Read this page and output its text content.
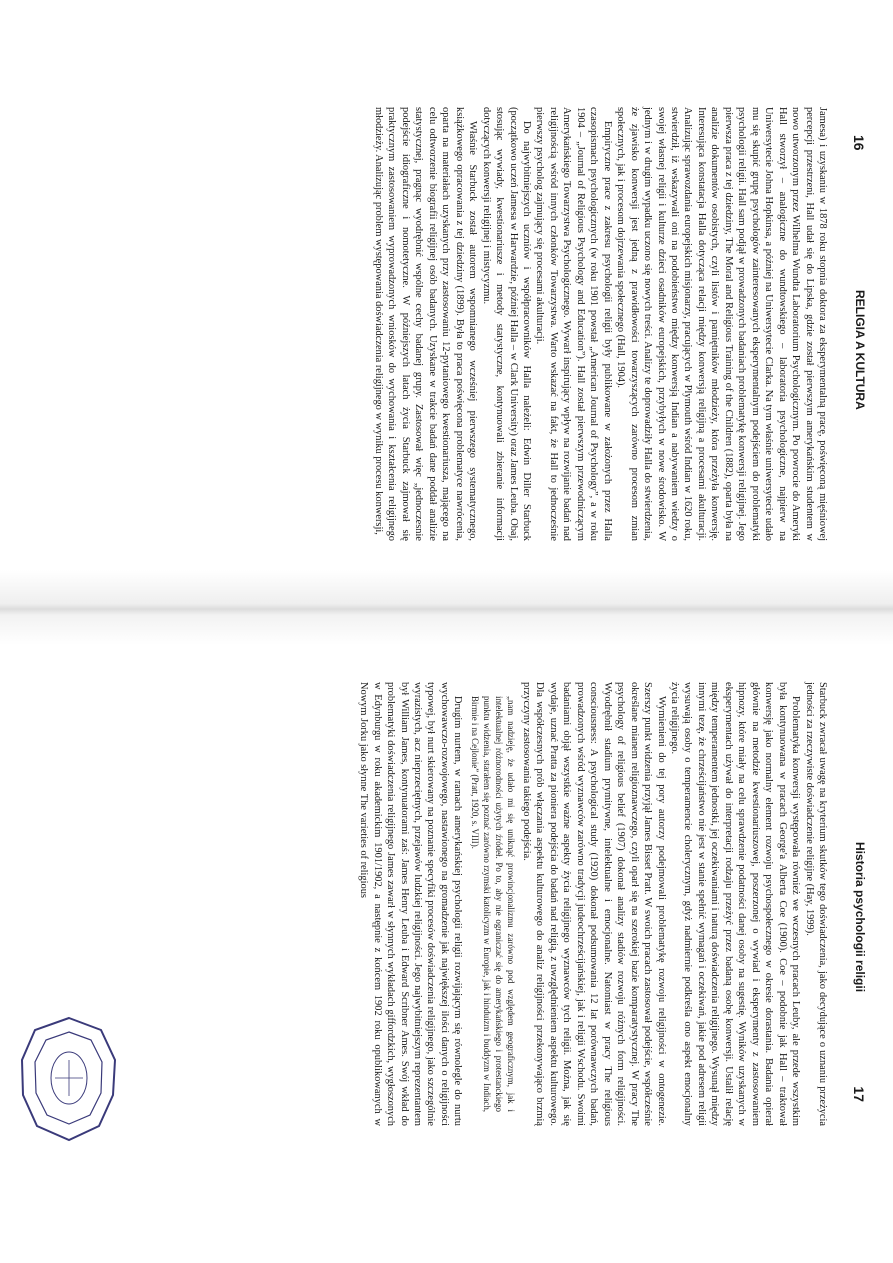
16
RELIGIA A KULTURA

Jamesa) i uzyskaniu w 1878 roku stopnia doktora za eksperymentalną pracę, poświęconą mięśniowej percepcji przestrzeni, Hall udał się do Lipska, gdzie został pierwszym amerykańskim studentem w nowo utworzonym przez Wilhelma Wundta Laboratorium Psychologicznym. Po powrocie do Ameryki Hall stworzył – analogiczne do wundtowskiego – laboratoria psychologiczne, najpierw na Uniwersytecie Johna Hopkinsa, a później na Uniwersytecie Clarka. Na tym właśnie uniwersytecie udało mu się skupić grupę psychologów zainteresowanych eksperymentalnym podejściem do problematyki psychologii religii. Hall sam podjął w prowadzonych badaniach problematykę konwersji religijnej. Jego pierwsza praca z tej dziedziny, The Moral and Religious Training of the Children (1882), oparta była na analizie dokumentów osobistych, czyli listów i pamiętników młodzieży, która przeżyła konwersję. Interesująca konstatacja Halla dotycząca relacji między konwersją religijną a procesami akulturacji. Analizując sprawozdania europejskich misjonarzy, pracujących w Plymouth wśród Indian w 1620 roku, stwierdził, iż wskazywali oni na podobieństwo między konwersją Indian a nabywaniem wiedzy o swojej własnej religii i kulturze dzieci osadników europejskich, przybyłych w nowe środowisko. W jednym i w drugim wypadku uczono się nowych treści. Analizy te doprowadziły Halla do stwierdzenia, że zjawisko konwersji jest jedną z prawidłowości towarzyszących zarówno procesom zmian społecznych, jak i procesom dojrzewania społecznego (Hall, 1904).

Empiryczne prace z zakresu psychologii religii były publikowane w założonych przez Halla czasopismach psychologicznych (w roku 1901 powstał „American Journal of Psychology”, a w roku 1904 – „Journal of Religious Psychology and Education”). Hall został pierwszym przewodniczącym Amerykańskiego Towarzystwa Psychologicznego. Wywarł inspirujący wpływ na rozwijanie badań nad religijnością wśród innych członków Towarzystwa. Warto wskazać na fakt, że Hall to jednocześnie pierwszy psycholog zajmujący się procesami akulturacji.

Do najwybitniejszych uczniów i współpracowników Halla należeli: Edwin Diller Starbuck (początkowo uczeń Jamesa w Harwardzie, później Halla – w Clark University) oraz James Leuba. Obaj, stosując wywiady, kwestionariusze i metody statystyczne, kontynuowali zbieranie informacji dotyczących konwersji religijnej i mistycyzmu.

Właśnie Starbuck został autorem wspomnianego wcześniej pierwszego systematycznego, książkowego opracowania z tej dziedziny (1899). Była to praca poświęcona problematyce nawrócenia, oparta na materiałach uzyskanych przy zastosowaniu 12-pytaniowego kwestionariusza, mającego na celu odtworzenie biografii religijnej osób badanych. Uzyskane w trakcie badań dane poddał analizie statystycznej, pragnąc wyodrębnić wspólne cechy badanej grupy. Zastosował więc „jednoczesnie podejście idiograficzne i nomotetyczne. W późniejszych latach życia Starbuck zajmował się praktycznym zastosowaniem wyprowadzonych wniosków do wychowania i kształcenia religijnego młodzieży. Analizując problem występowania doświadczenia religijnego w wyniku procesu konwersji,

Historia psychologii religii
17

Starbuck zwracał uwagę na kryterium skutków tego doświadczenia, jako decydujące o uznaniu przeżycia jedności za rzeczywiste doświadczenie religijne (Hay, 1999).

Problematyka konwersji występowała również we wczesnych pracach Leuby, ale przede wszystkim była kontynuowana w pracach George'a Alberta Coe (1900). Coe – podobnie jak Hall – traktował konwersję jako normalny element rozwoju psychospołecznego w okresie dorastania. Badania opierał głównie na metodzie kwestionariuszowej, poszerzonej o wywiad i eksperymenty z zastosowaniem hipnozy, które miały na celu sprawdzenie podatności danej osoby na sugestię. Wyników uzyskanych w eksperymentach używał do interpretacji rodzaju przeżyć przez badaną osobę konwersji. Ustalił relację między temperamentem jednostki, jej oczekiwaniami i naturą doświadczenia religijnego. Wysunął między innymi tezę, że chrześcijaństwo nie jest w stanie spełnić wymagań i oczekiwań, jakie pod adresem religii wysuwają osoby o temperamencie cholerycznym, gdyż nadmiernie podkreśla ono aspekt emocjonalny życia religijnego.

Wymienieni do tej pory autorzy podejmowali problematykę rozwoju religijności w ontogenezie. Szerszy punkt widzenia przyjął James Bisset Pratt. W swoich pracach zastosował podejście, współcześnie określane mianem religioznawczego, czyli oparł się na szerokiej bazie komparatystycznej. W pracy The psychology of religious belief (1907) dokonał analizy stadiów rozwoju różnych form religijności. Wyodrębnił stadium prymitywne, intelektualne i emocjonalne. Natomiast w pracy The religious consciousness: A psychological study (1920) dokonał podsumowania 12 lat porównawczych badań, prowadzonych wśród wyznawców zarówno tradycji judeochrześcijańskiej, jak i religii Wschodu. Swoimi badaniami objął wszystkie ważne aspekty życia religijnego wyznawców tych religii. Można, jak się wydaje, uznać Pratta za pioniera podejścia do badań nad religią, z uwzględnieniem aspektu kulturowego. Dla współczesnych prób włączania aspektu kulturowego do analiz religijności przekonywająco brzmią przyczyny zastosowania takiego podejścia.

„nam nadzieję, że udało mi się uniknąć prowincjonalizmu zarówno pod względem geograficznym, jak i intelektualnej różnorodności użytych źródeł. Po to, aby nie ograniczać się do amerykańskiego i protestanckiego punktu widzenia, starałem się poznać zarówno rzymski katolicyzm w Europie, jak i hinduizm i buddyzm w Indiach, Birmie i na Cejlonie” (Pratt, 1920, s. VIII).

Drugim nurtem, w ramach amerykańskiej psychologii religii rozwijającym się równolegle do nurtu wychowawczo-rozwojowego, nastawionego na gromadzenie jak największej ilości danych o religijności typowej, był nurt skierowany na poznanie specyfiki procesów doświadczenia religijnego, jako szczególnie wyrazistych, acz nieprzeciętnych, przejawów ludzkiej religijności. Jego najwybitniejszym reprezentantem był William James, kontynuatorami zaś: James Henry Leuba i Edward Scribner Ames. Swój wkład do problematyki doświadczenia religijnego James zawarł w słynnych wykładach giffordzkich, wygłoszonych w Edynburgu w roku akademickim 1901/1902, a następnie z końcem 1902 roku opublikowanych w Nowym Jorku jako słynne The varieties of religious
